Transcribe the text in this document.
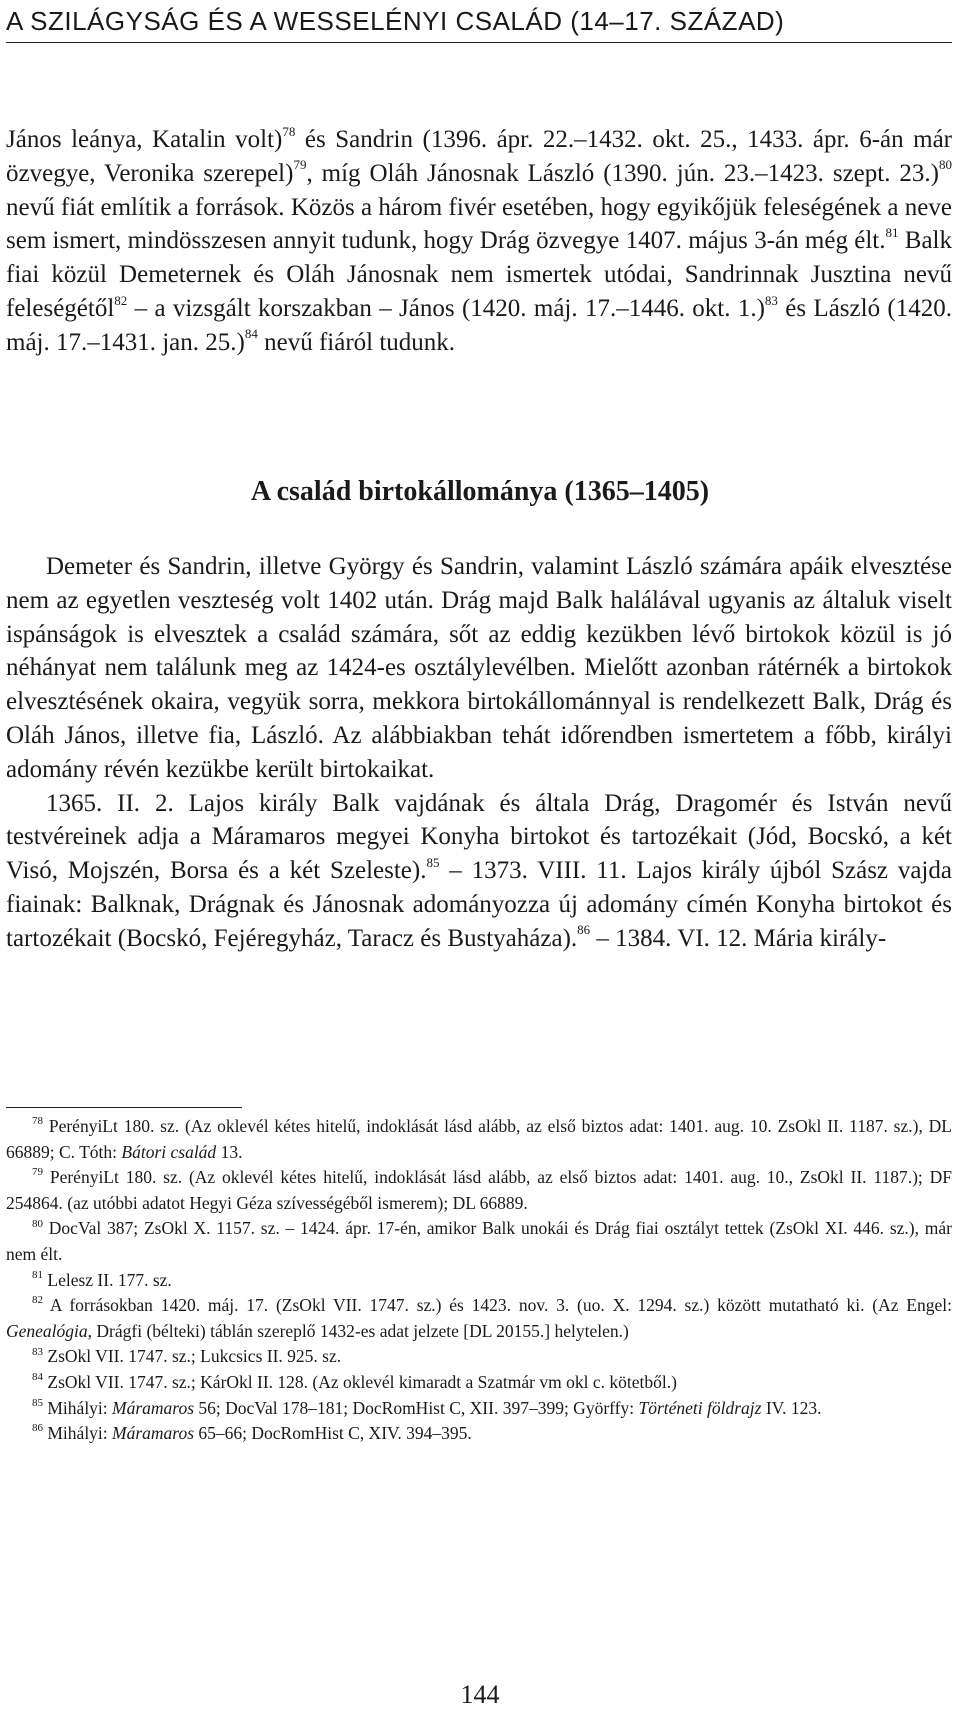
A SZILÁGYSÁG ÉS A WESSELÉNYI CSALÁD (14–17. SZÁZAD)
János leánya, Katalin volt)$^{78}$ és Sandrin (1396. ápr. 22.–1432. okt. 25., 1433. ápr. 6-án már özvegye, Veronika szerepel)$^{79}$, míg Oláh Jánosnak László (1390. jún. 23.–1423. szept. 23.)$^{80}$ nevű fiát említik a források. Közös a három fivér esetében, hogy egyikőjük feleségének a neve sem ismert, mindösszesen annyit tudunk, hogy Drág özvegye 1407. május 3-án még élt.$^{81}$ Balk fiai közül Demeternek és Oláh Jánosnak nem ismertek utódai, Sandrinnak Jusztina nevű feleségétől$^{82}$ – a vizsgált korszakban – János (1420. máj. 17.–1446. okt. 1.)$^{83}$ és László (1420. máj. 17.–1431. jan. 25.)$^{84}$ nevű fiáról tudunk.
A család birtokállománya (1365–1405)

Demeter és Sandrin, illetve György és Sandrin, valamint László számára apáik elvesztése nem az egyetlen veszteség volt 1402 után. Drág majd Balk halálával ugyanis az általuk viselt ispánságok is elvesztek a család számára, sőt az eddig kezükben lévő birtokok közül is jó néhányat nem találunk meg az 1424-es osztálylevélben. Mielőtt azonban rátérnék a birtokok elvesztésének okaira, vegyük sorra, mekkora birtokállománnyal is rendelkezett Balk, Drág és Oláh János, illetve fia, László. Az alábbiakban tehát időrendben ismertetem a főbb, királyi adomány révén kezükbe került birtokaikat.

1365. II. 2. Lajos király Balk vajdának és általa Drág, Dragomér és István nevű testvéreinek adja a Máramaros megyei Konyha birtokot és tartozékait (Jód, Bocskó, a két Visó, Mojszén, Borsa és a két Szeleste).$^{85}$ – 1373. VIII. 11. Lajos király újból Szász vajda fiainak: Balknak, Drágnak és Jánosnak adományozza új adomány címén Konyha birtokot és tartozékait (Bocskó, Fejéregyház, Taracz és Bustyaháza).$^{86}$ – 1384. VI. 12. Mária király-

$^{78}$ PerényiLt 180. sz. (Az oklevél kétes hitelű, indoklását lásd alább, az első biztos adat: 1401. aug. 10. ZsOkl II. 1187. sz.), DL 66889; C. Tóth: Bátori család 13.

$^{79}$ PerényiLt 180. sz. (Az oklevél kétes hitelű, indoklását lásd alább, az első biztos adat: 1401. aug. 10., ZsOkl II. 1187.); DF 254864. (az utóbbi adatot Hegyi Géza szívességéből ismerem); DL 66889.

$^{80}$ DocVal 387; ZsOkl X. 1157. sz. – 1424. ápr. 17-én, amikor Balk unokái és Drág fiai osztályt tettek (ZsOkl XI. 446. sz.), már nem élt.

$^{81}$ Lelesz II. 177. sz.

$^{82}$ A forrásokban 1420. máj. 17. (ZsOkl VII. 1747. sz.) és 1423. nov. 3. (uo. X. 1294. sz.) között mutatható ki. (Az Engel: Genealógia, Drágfi (bélteki) táblán szereplő 1432-es adat jelzete [DL 20155.] helytelen.)

$^{83}$ ZsOkl VII. 1747. sz.; Lukcsics II. 925. sz.

$^{84}$ ZsOkl VII. 1747. sz.; KárOkl II. 128. (Az oklevél kimaradt a Szatmár vm okl c. kötetből.)

$^{85}$ Mihályi: Máramaros 56; DocVal 178–181; DocRomHist C, XII. 397–399; Györffy: Történeti földrajz IV. 123.

$^{86}$ Mihályi: Máramaros 65–66; DocRomHist C, XIV. 394–395.

144
